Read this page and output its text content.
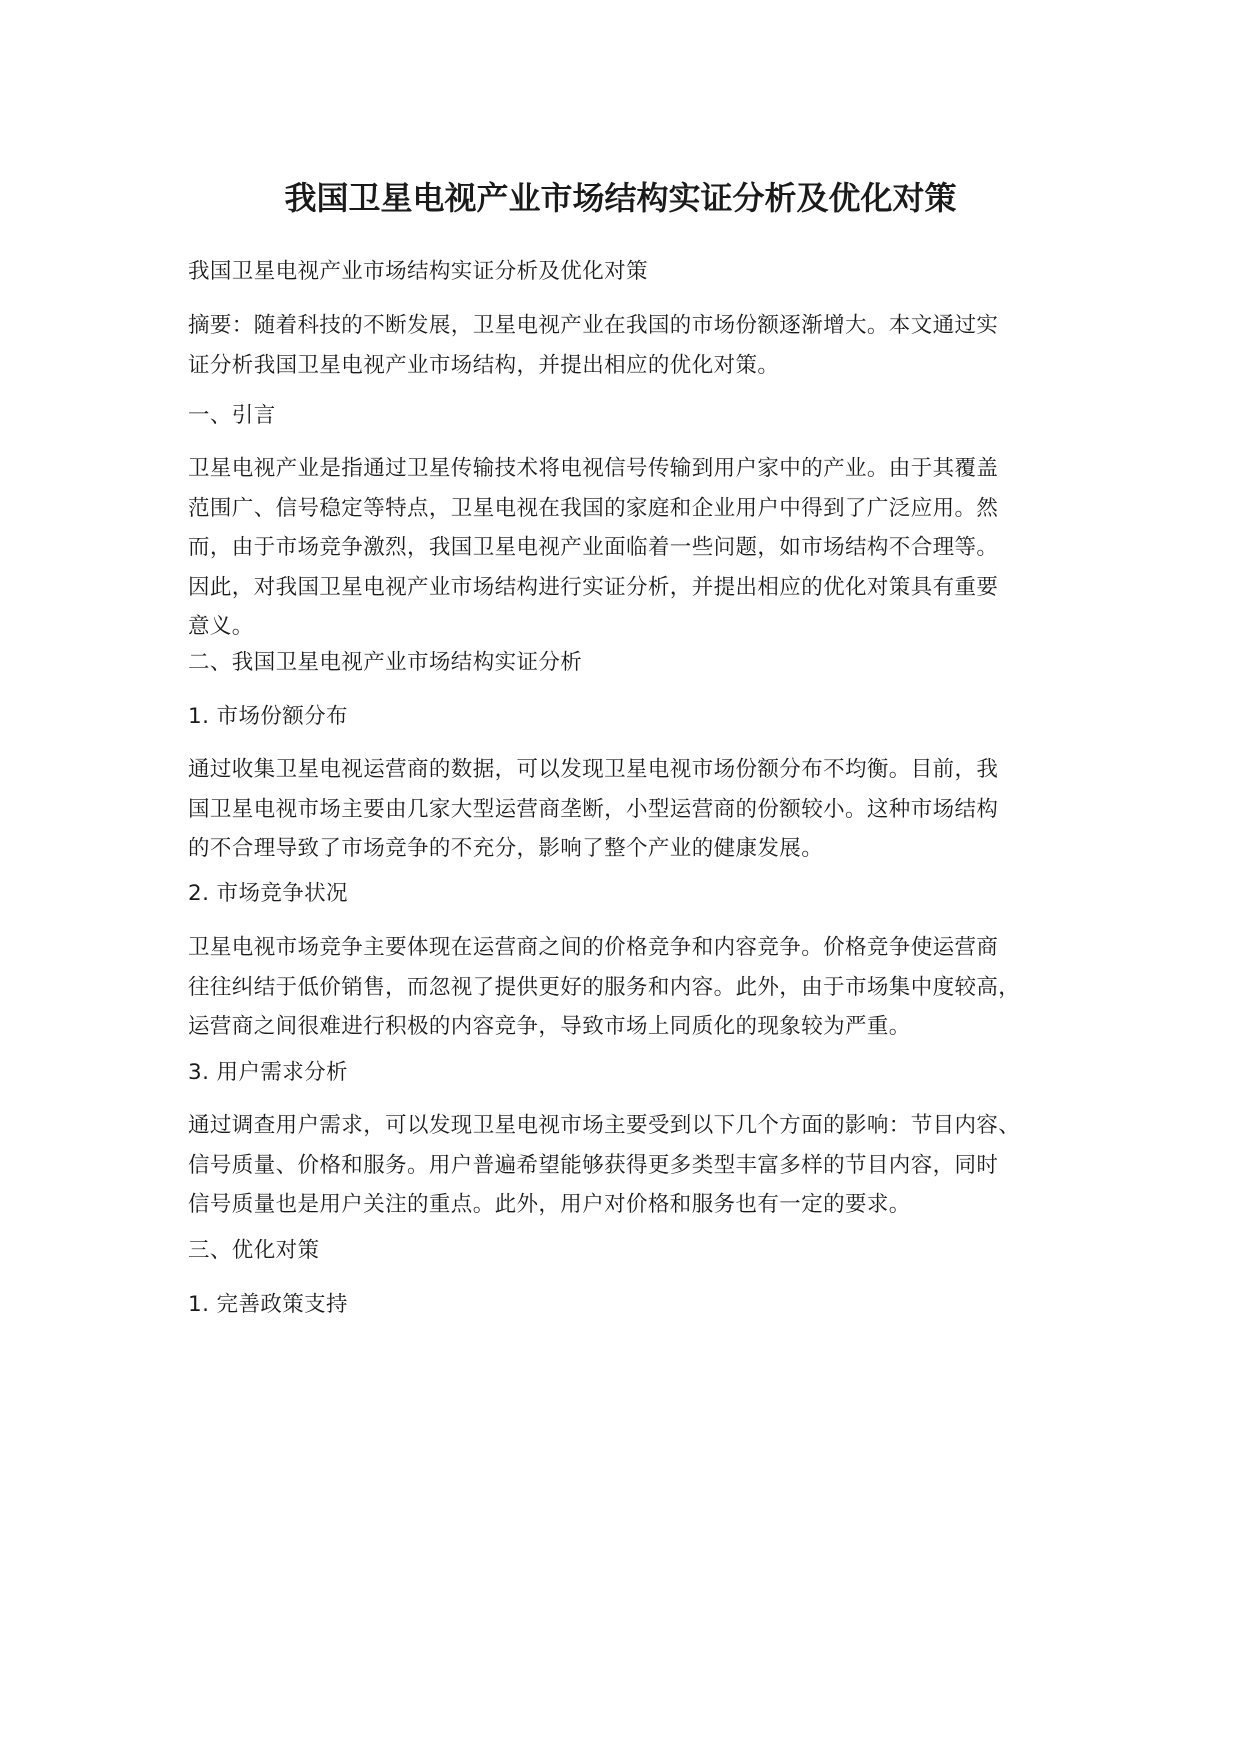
我国卫星电视产业市场结构实证分析及优化对策

我国卫星电视产业市场结构实证分析及优化对策

摘要：随着科技的不断发展，卫星电视产业在我国的市场份额逐渐增大。本文通过实
证分析我国卫星电视产业市场结构，并提出相应的优化对策。

一、引言

卫星电视产业是指通过卫星传输技术将电视信号传输到用户家中的产业。由于其覆盖
范围广、信号稳定等特点，卫星电视在我国的家庭和企业用户中得到了广泛应用。然
而，由于市场竞争激烈，我国卫星电视产业面临着一些问题，如市场结构不合理等。
因此，对我国卫星电视产业市场结构进行实证分析，并提出相应的优化对策具有重要
意义。

二、我国卫星电视产业市场结构实证分析

1. 市场份额分布

通过收集卫星电视运营商的数据，可以发现卫星电视市场份额分布不均衡。目前，我
国卫星电视市场主要由几家大型运营商垄断，小型运营商的份额较小。这种市场结构
的不合理导致了市场竞争的不充分，影响了整个产业的健康发展。

2. 市场竞争状况

卫星电视市场竞争主要体现在运营商之间的价格竞争和内容竞争。价格竞争使运营商
往往纠结于低价销售，而忽视了提供更好的服务和内容。此外，由于市场集中度较高，
运营商之间很难进行积极的内容竞争，导致市场上同质化的现象较为严重。

3. 用户需求分析

通过调查用户需求，可以发现卫星电视市场主要受到以下几个方面的影响：节目内容、
信号质量、价格和服务。用户普遍希望能够获得更多类型丰富多样的节目内容，同时
信号质量也是用户关注的重点。此外，用户对价格和服务也有一定的要求。

三、优化对策

1. 完善政策支持
